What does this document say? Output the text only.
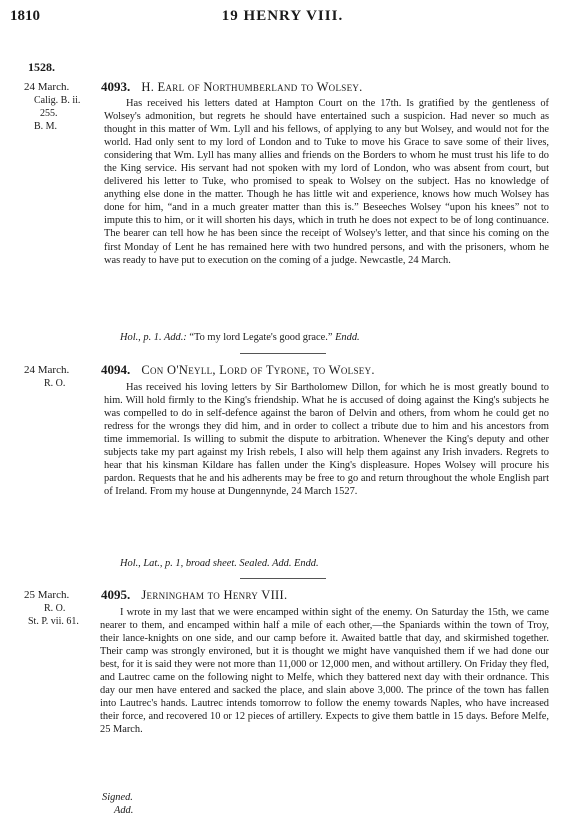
1810	19 HENRY VIII.
1528.
24 March.
Calig. B. ii.
255.
B. M.
4093. H. Earl of Northumberland to Wolsey.
Has received his letters dated at Hampton Court on the 17th. Is gratified by the gentleness of Wolsey's admonition, but regrets he should have entertained such a suspicion. Had never so much as thought in this matter of Wm. Lyll and his fellows, of applying to any but Wolsey, and would not for the world. Had only sent to my lord of London and to Tuke to move his Grace to save some of their lives, considering that Wm. Lyll has many allies and friends on the Borders to whom he must trust his life to do the King service. His servant had not spoken with my lord of London, who was absent from court, but delivered his letter to Tuke, who promised to speak to Wolsey on the subject. Has no knowledge of anything else done in the matter. Though he has little wit and experience, knows how much Wolsey has done for him, “and in a much greater matter than this is.” Beseeches Wolsey “upon his knees” not to impute this to him, or it will shorten his days, which in truth he does not expect to be of long continuance. The bearer can tell how he has been since the receipt of Wolsey's letter, and that since his coming on the first Monday of Lent he has remained here with two hundred persons, and with the prisoners, whom he was ready to have put to execution on the coming of a judge. Newcastle, 24 March.
Hol., p. 1. Add.: “To my lord Legate's good grace.” Endd.
24 March.
R. O.
4094. Con O'Neyll, Lord of Tyrone, to Wolsey.
Has received his loving letters by Sir Bartholomew Dillon, for which he is most greatly bound to him. Will hold firmly to the King's friendship. What he is accused of doing against the King's subjects he was compelled to do in self-defence against the baron of Delvin and others, from whom he could get no redress for the wrongs they did him, and in order to collect a tribute due to him and his ancestors from time immemorial. Is willing to submit the dispute to arbitration. Whenever the King's deputy and other subjects take my part against my Irish rebels, I also will help them against any Irish invaders. Regrets to hear that his kinsman Kildare has fallen under the King's displeasure. Hopes Wolsey will procure his pardon. Requests that he and his adherents may be free to go and return throughout the whole English part of Ireland. From my house at Dungennynde, 24 March 1527.
Hol., Lat., p. 1, broad sheet. Sealed. Add. Endd.
25 March.
R. O.
St. P. vii. 61.
4095. Jerningham to Henry VIII.
I wrote in my last that we were encamped within sight of the enemy. On Saturday the 15th, we came nearer to them, and encamped within half a mile of each other,—the Spaniards within the town of Troy, their lance-knights on one side, and our camp before it. Awaited battle that day, and skirmished together. Their camp was strongly environed, but it is thought we might have vanquished them if we had done our best, for it is said they were not more than 11,000 or 12,000 men, and without artillery. On Friday they fled, and Lautrec came on the following night to Melfe, which they battered next day with their ordnance. This day our men have entered and sacked the place, and slain above 3,000. The prince of the town has fallen into Lautrec's hands. Lautrec intends tomorrow to follow the enemy towards Naples, who have increased their force, and recovered 10 or 12 pieces of artillery. Expects to give them battle in 15 days. Before Melfe, 25 March.
Signed.
Add.
